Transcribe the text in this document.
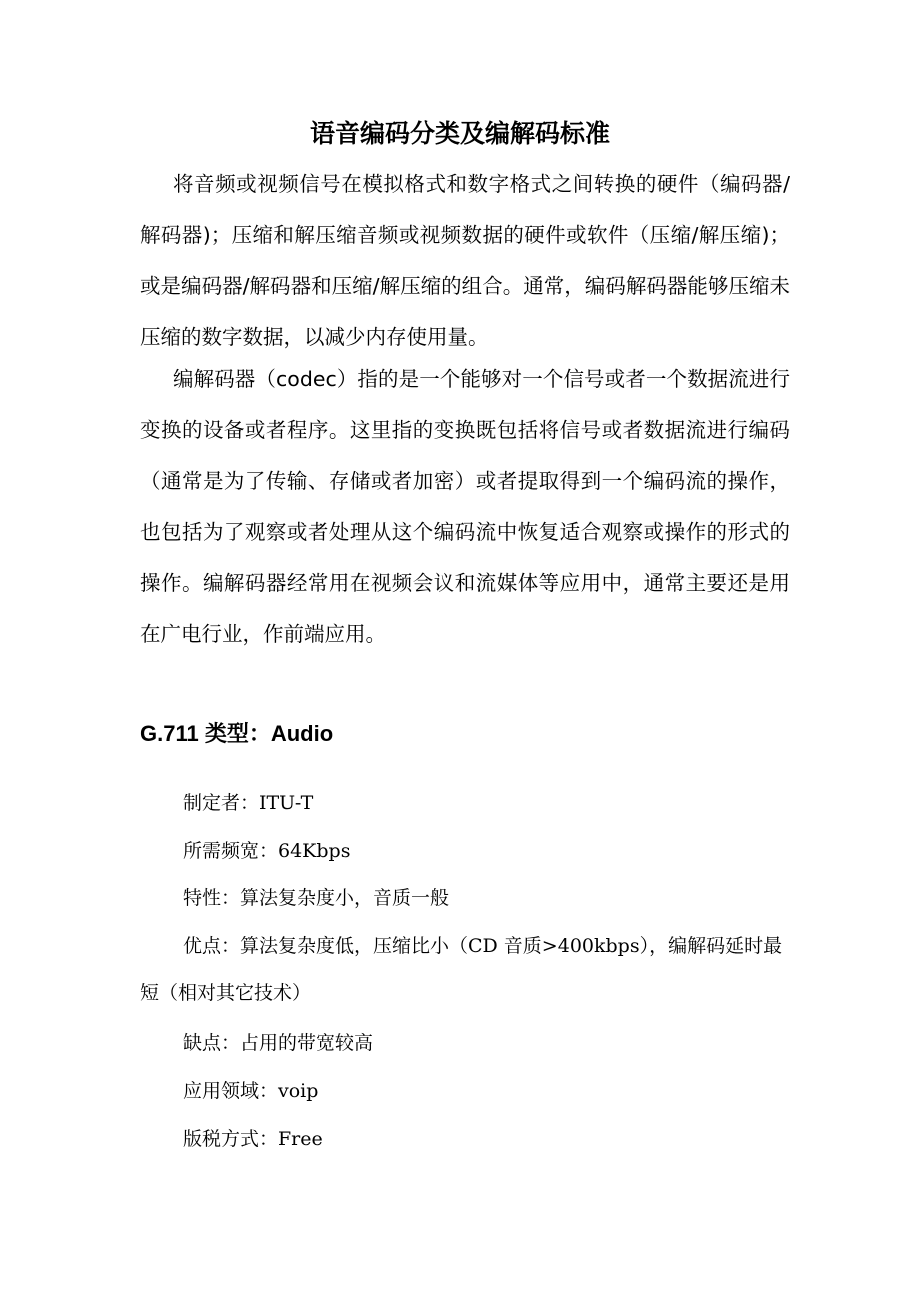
语音编码分类及编解码标准

将音频或视频信号在模拟格式和数字格式之间转换的硬件（编码器/解码器)；压缩和解压缩音频或视频数据的硬件或软件（压缩/解压缩)；或是编码器/解码器和压缩/解压缩的组合。通常，编码解码器能够压缩未压缩的数字数据，以减少内存使用量。

编解码器（codec）指的是一个能够对一个信号或者一个数据流进行变换的设备或者程序。这里指的变换既包括将信号或者数据流进行编码（通常是为了传输、存储或者加密）或者提取得到一个编码流的操作，也包括为了观察或者处理从这个编码流中恢复适合观察或操作的形式的操作。编解码器经常用在视频会议和流媒体等应用中，通常主要还是用在广电行业，作前端应用。

G.711 类型：Audio

制定者：ITU-T

所需频宽：64Kbps

特性：算法复杂度小，音质一般

优点：算法复杂度低，压缩比小（CD 音质>400kbps），编解码延时最短（相对其它技术）

缺点：占用的带宽较高

应用领域：voip

版税方式：Free
